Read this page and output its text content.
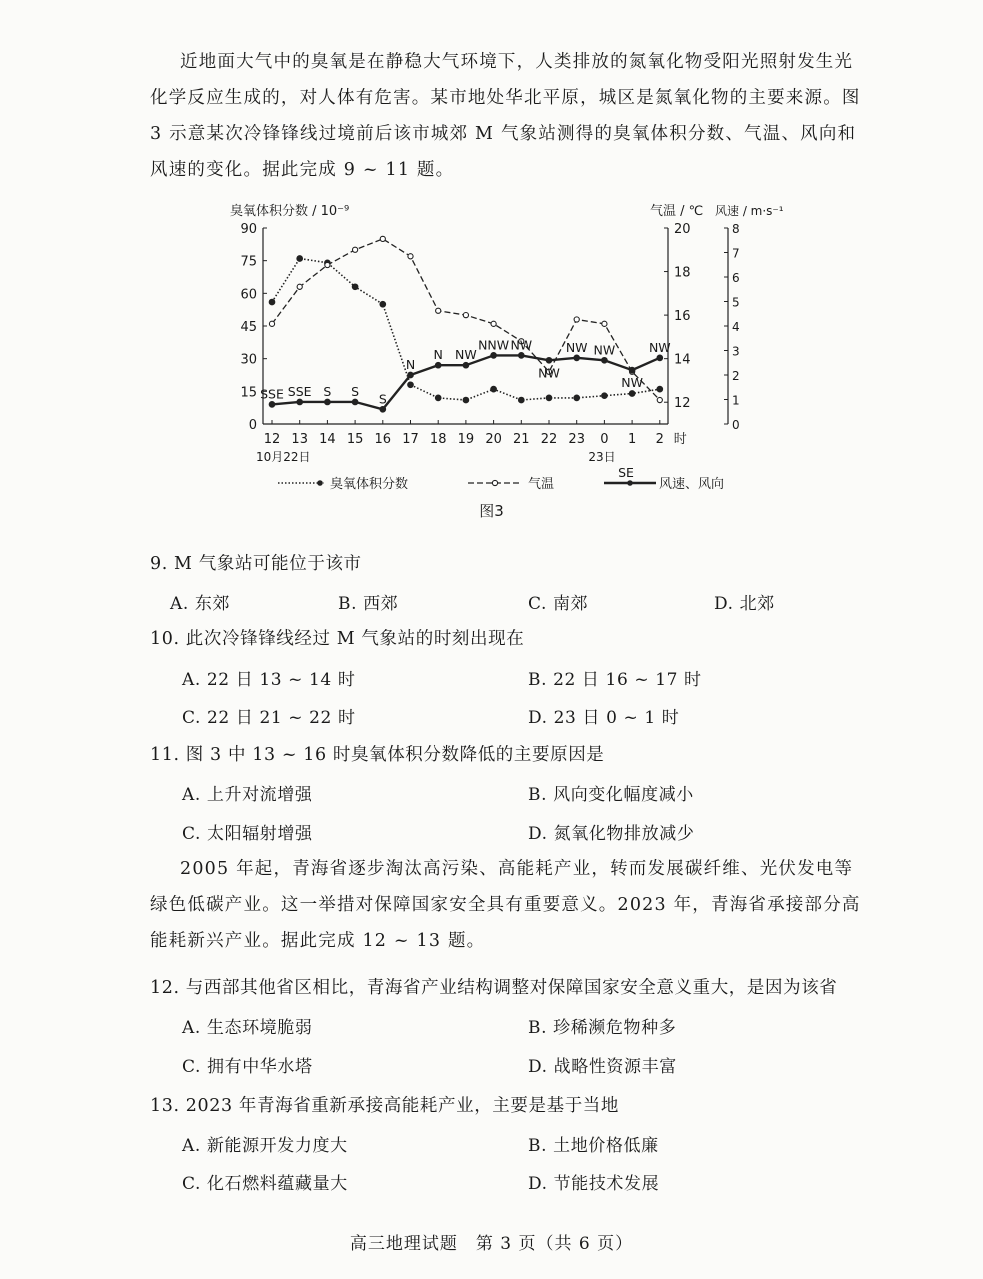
近地面大气中的臭氧是在静稳大气环境下，人类排放的氮氧化物受阳光照射发生光化学反应生成的，对人体有危害。某市地处华北平原，城区是氮氧化物的主要来源。图 3 示意某次冷锋锋线过境前后该市城郊 M 气象站测得的臭氧体积分数、气温、风向和风速的变化。据此完成 9 ~ 11 题。
臭氧体积分数 / 10⁻⁹	气温 / ℃ 风速 / m·s⁻¹
0
15
30
45
60
75
90
12
14
16
18
20
0
1
2
3
4
5
6
7
8
12 13 14 15 16 17 18 19 20 21 22 23 0 1 2 时
10月22日	23日
SSE SSE S S S
N
N NW
NNW NW
NW
NW NW
NW
NW
臭氧体积分数	气温	风速、风向
SE
图3
9. M 气象站可能位于该市
A. 东郊	B. 西郊	C. 南郊	D. 北郊
10. 此次冷锋锋线经过 M 气象站的时刻出现在
A. 22 日 13 ~ 14 时	B. 22 日 16 ~ 17 时
C. 22 日 21 ~ 22 时	D. 23 日 0 ~ 1 时
11. 图 3 中 13 ~ 16 时臭氧体积分数降低的主要原因是
A. 上升对流增强	B. 风向变化幅度减小
C. 太阳辐射增强	D. 氮氧化物排放减少
2005 年起，青海省逐步淘汰高污染、高能耗产业，转而发展碳纤维、光伏发电等绿色低碳产业。这一举措对保障国家安全具有重要意义。2023 年，青海省承接部分高能耗新兴产业。据此完成 12 ~ 13 题。
12. 与西部其他省区相比，青海省产业结构调整对保障国家安全意义重大，是因为该省
A. 生态环境脆弱	B. 珍稀濒危物种多
C. 拥有中华水塔	D. 战略性资源丰富
13. 2023 年青海省重新承接高能耗产业，主要是基于当地
A. 新能源开发力度大	B. 土地价格低廉
C. 化石燃料蕴藏量大	D. 节能技术发展
高三地理试题　第 3 页（共 6 页）
